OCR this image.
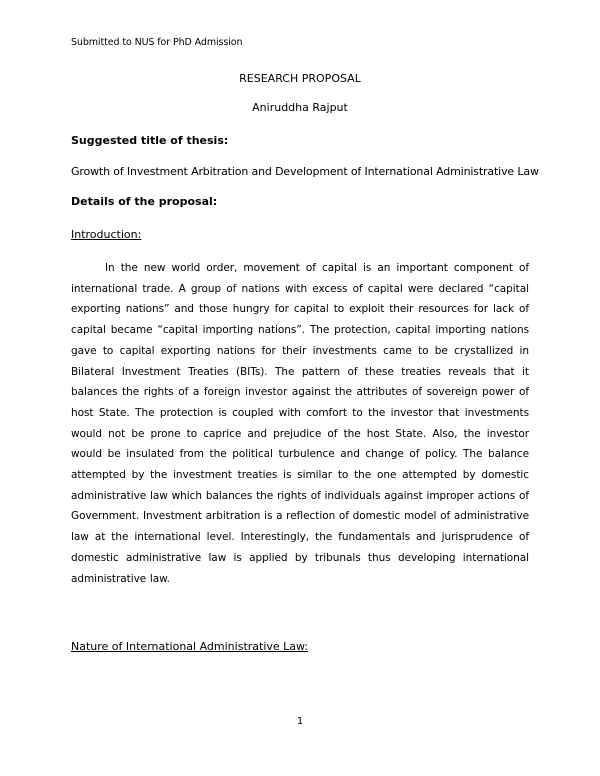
Submitted to NUS for PhD Admission
RESEARCH PROPOSAL
Aniruddha Rajput
Suggested title of thesis:
Growth of Investment Arbitration and Development of International Administrative Law
Details of the proposal:
Introduction:
In the new world order, movement of capital is an important component of international trade. A group of nations with excess of capital were declared “capital exporting nations” and those hungry for capital to exploit their resources for lack of capital became “capital importing nations”. The protection, capital importing nations gave to capital exporting nations for their investments came to be crystallized in Bilateral Investment Treaties (BITs). The pattern of these treaties reveals that it balances the rights of a foreign investor against the attributes of sovereign power of host State. The protection is coupled with comfort to the investor that investments would not be prone to caprice and prejudice of the host State. Also, the investor would be insulated from the political turbulence and change of policy. The balance attempted by the investment treaties is similar to the one attempted by domestic administrative law which balances the rights of individuals against improper actions of Government. Investment arbitration is a reflection of domestic model of administrative law at the international level. Interestingly, the fundamentals and jurisprudence of domestic administrative law is applied by tribunals thus developing international administrative law.
Nature of International Administrative Law:
1
